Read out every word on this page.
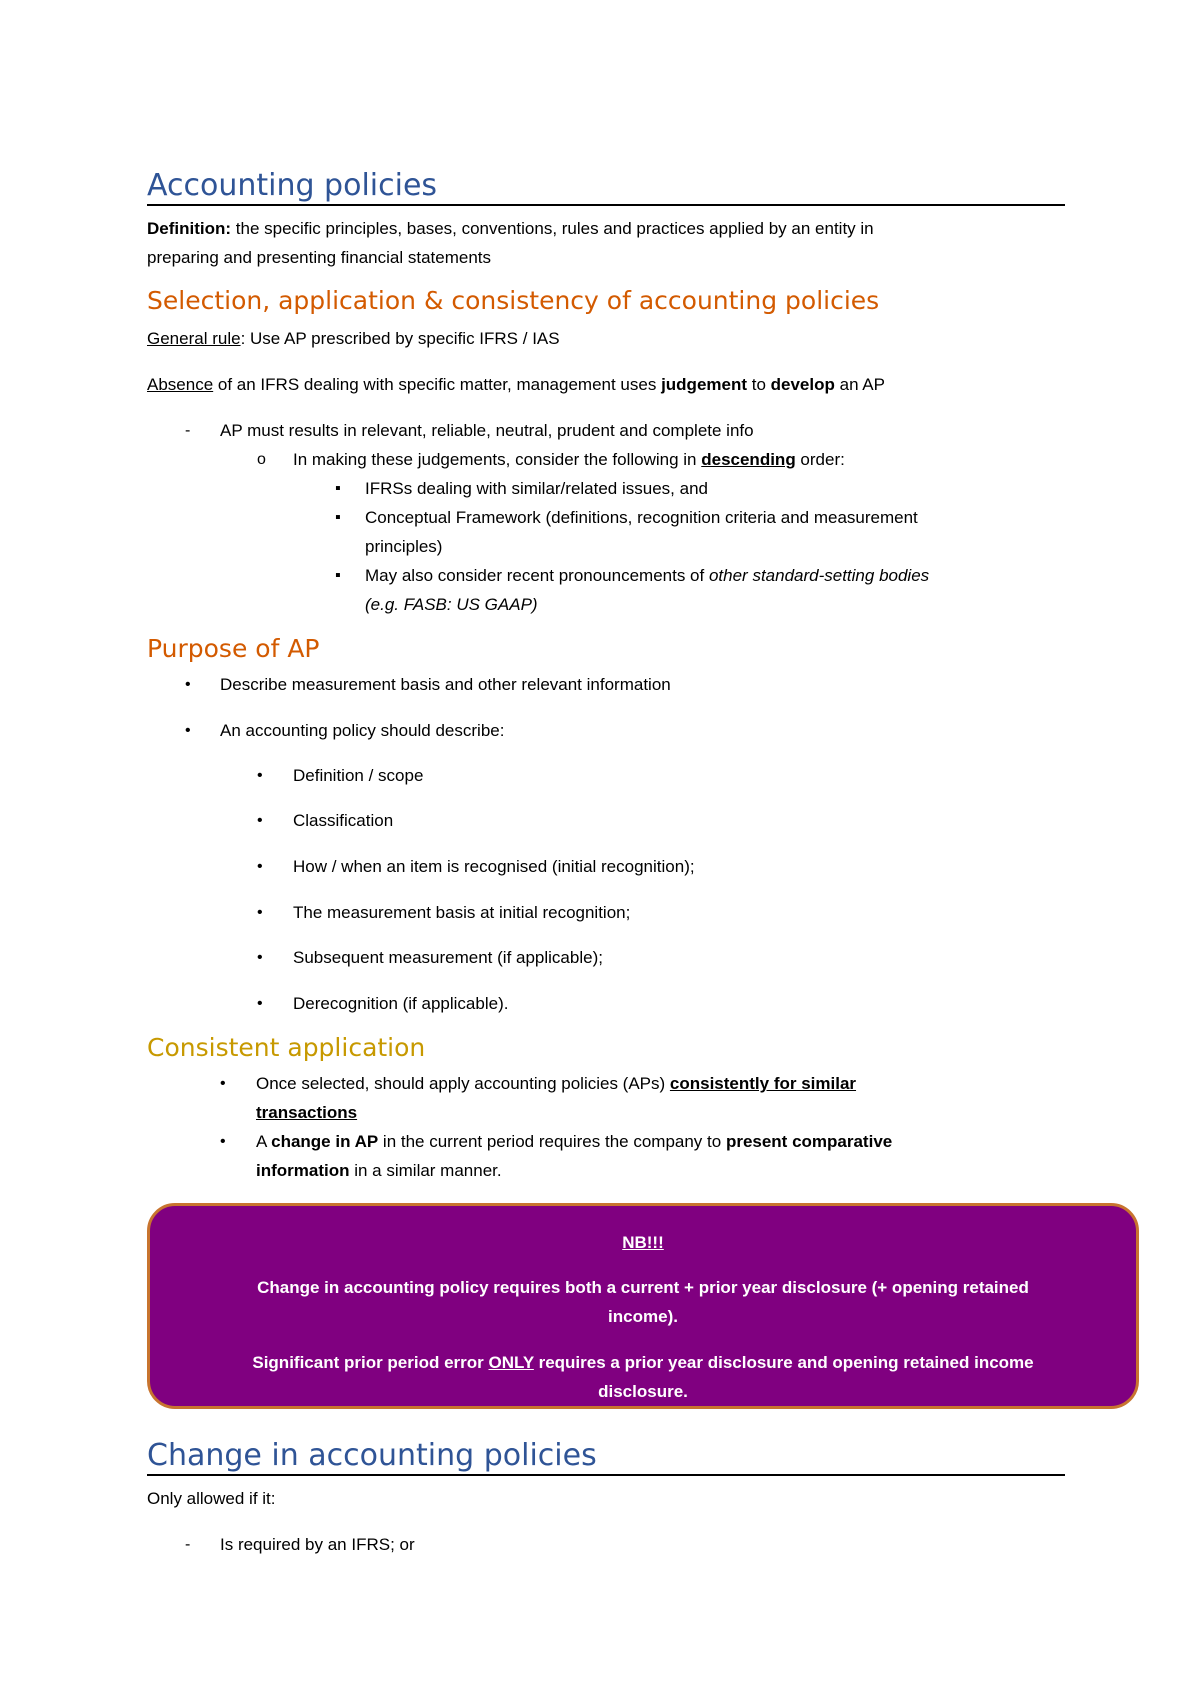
Accounting policies
Definition: the specific principles, bases, conventions, rules and practices applied by an entity in
preparing and presenting financial statements
Selection, application & consistency of accounting policies
General rule: Use AP prescribed by specific IFRS / IAS
Absence of an IFRS dealing with specific matter, management uses judgement to develop an AP
- AP must results in relevant, reliable, neutral, prudent and complete info
o In making these judgements, consider the following in descending order:
▪ IFRSs dealing with similar/related issues, and
▪ Conceptual Framework (definitions, recognition criteria and measurement
principles)
▪ May also consider recent pronouncements of other standard-setting bodies
(e.g. FASB: US GAAP)
Purpose of AP
• Describe measurement basis and other relevant information
• An accounting policy should describe:
• Definition / scope
• Classification
• How / when an item is recognised (initial recognition);
• The measurement basis at initial recognition;
• Subsequent measurement (if applicable);
• Derecognition (if applicable).
Consistent application
• Once selected, should apply accounting policies (APs) consistently for similar
transactions
• A change in AP in the current period requires the company to present comparative
information in a similar manner.
NB!!!
Change in accounting policy requires both a current + prior year disclosure (+ opening retained
income).
Significant prior period error ONLY requires a prior year disclosure and opening retained income
disclosure.
Change in accounting policies
Only allowed if it:
- Is required by an IFRS; or
